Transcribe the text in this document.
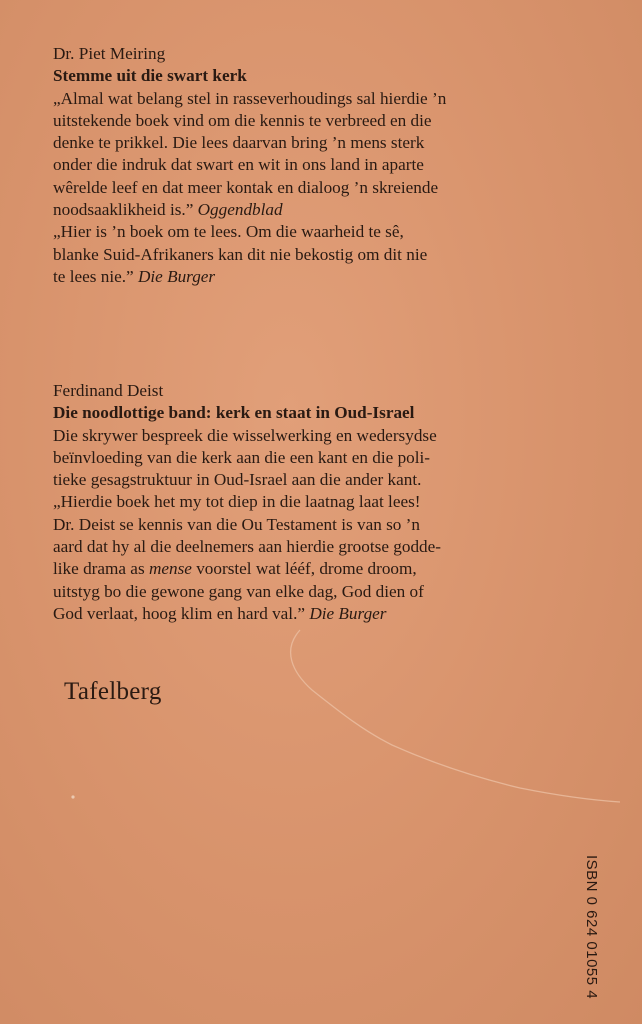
Dr. Piet Meiring
Stemme uit die swart kerk
„Almal wat belang stel in rasseverhoudings sal hierdie ’n
uitstekende boek vind om die kennis te verbreed en die
denke te prikkel. Die lees daarvan bring ’n mens sterk
onder die indruk dat swart en wit in ons land in aparte
wêrelde leef en dat meer kontak en dialoog ’n skreiende
noodsaaklikheid is.” Oggendblad
„Hier is ’n boek om te lees. Om die waarheid te sê,
blanke Suid-Afrikaners kan dit nie bekostig om dit nie
te lees nie.” Die Burger
Ferdinand Deist
Die noodlottige band: kerk en staat in Oud-Israel
Die skrywer bespreek die wisselwerking en wedersydse
beïnvloeding van die kerk aan die een kant en die poli-
tieke gesagstruktuur in Oud-Israel aan die ander kant.
„Hierdie boek het my tot diep in die laatnag laat lees!
Dr. Deist se kennis van die Ou Testament is van so ’n
aard dat hy al die deelnemers aan hierdie grootse godde-
like drama as mense voorstel wat lééf, drome droom,
uitstyg bo die gewone gang van elke dag, God dien of
God verlaat, hoog klim en hard val.” Die Burger
Tafelberg
ISBN 0 624 01055 4
